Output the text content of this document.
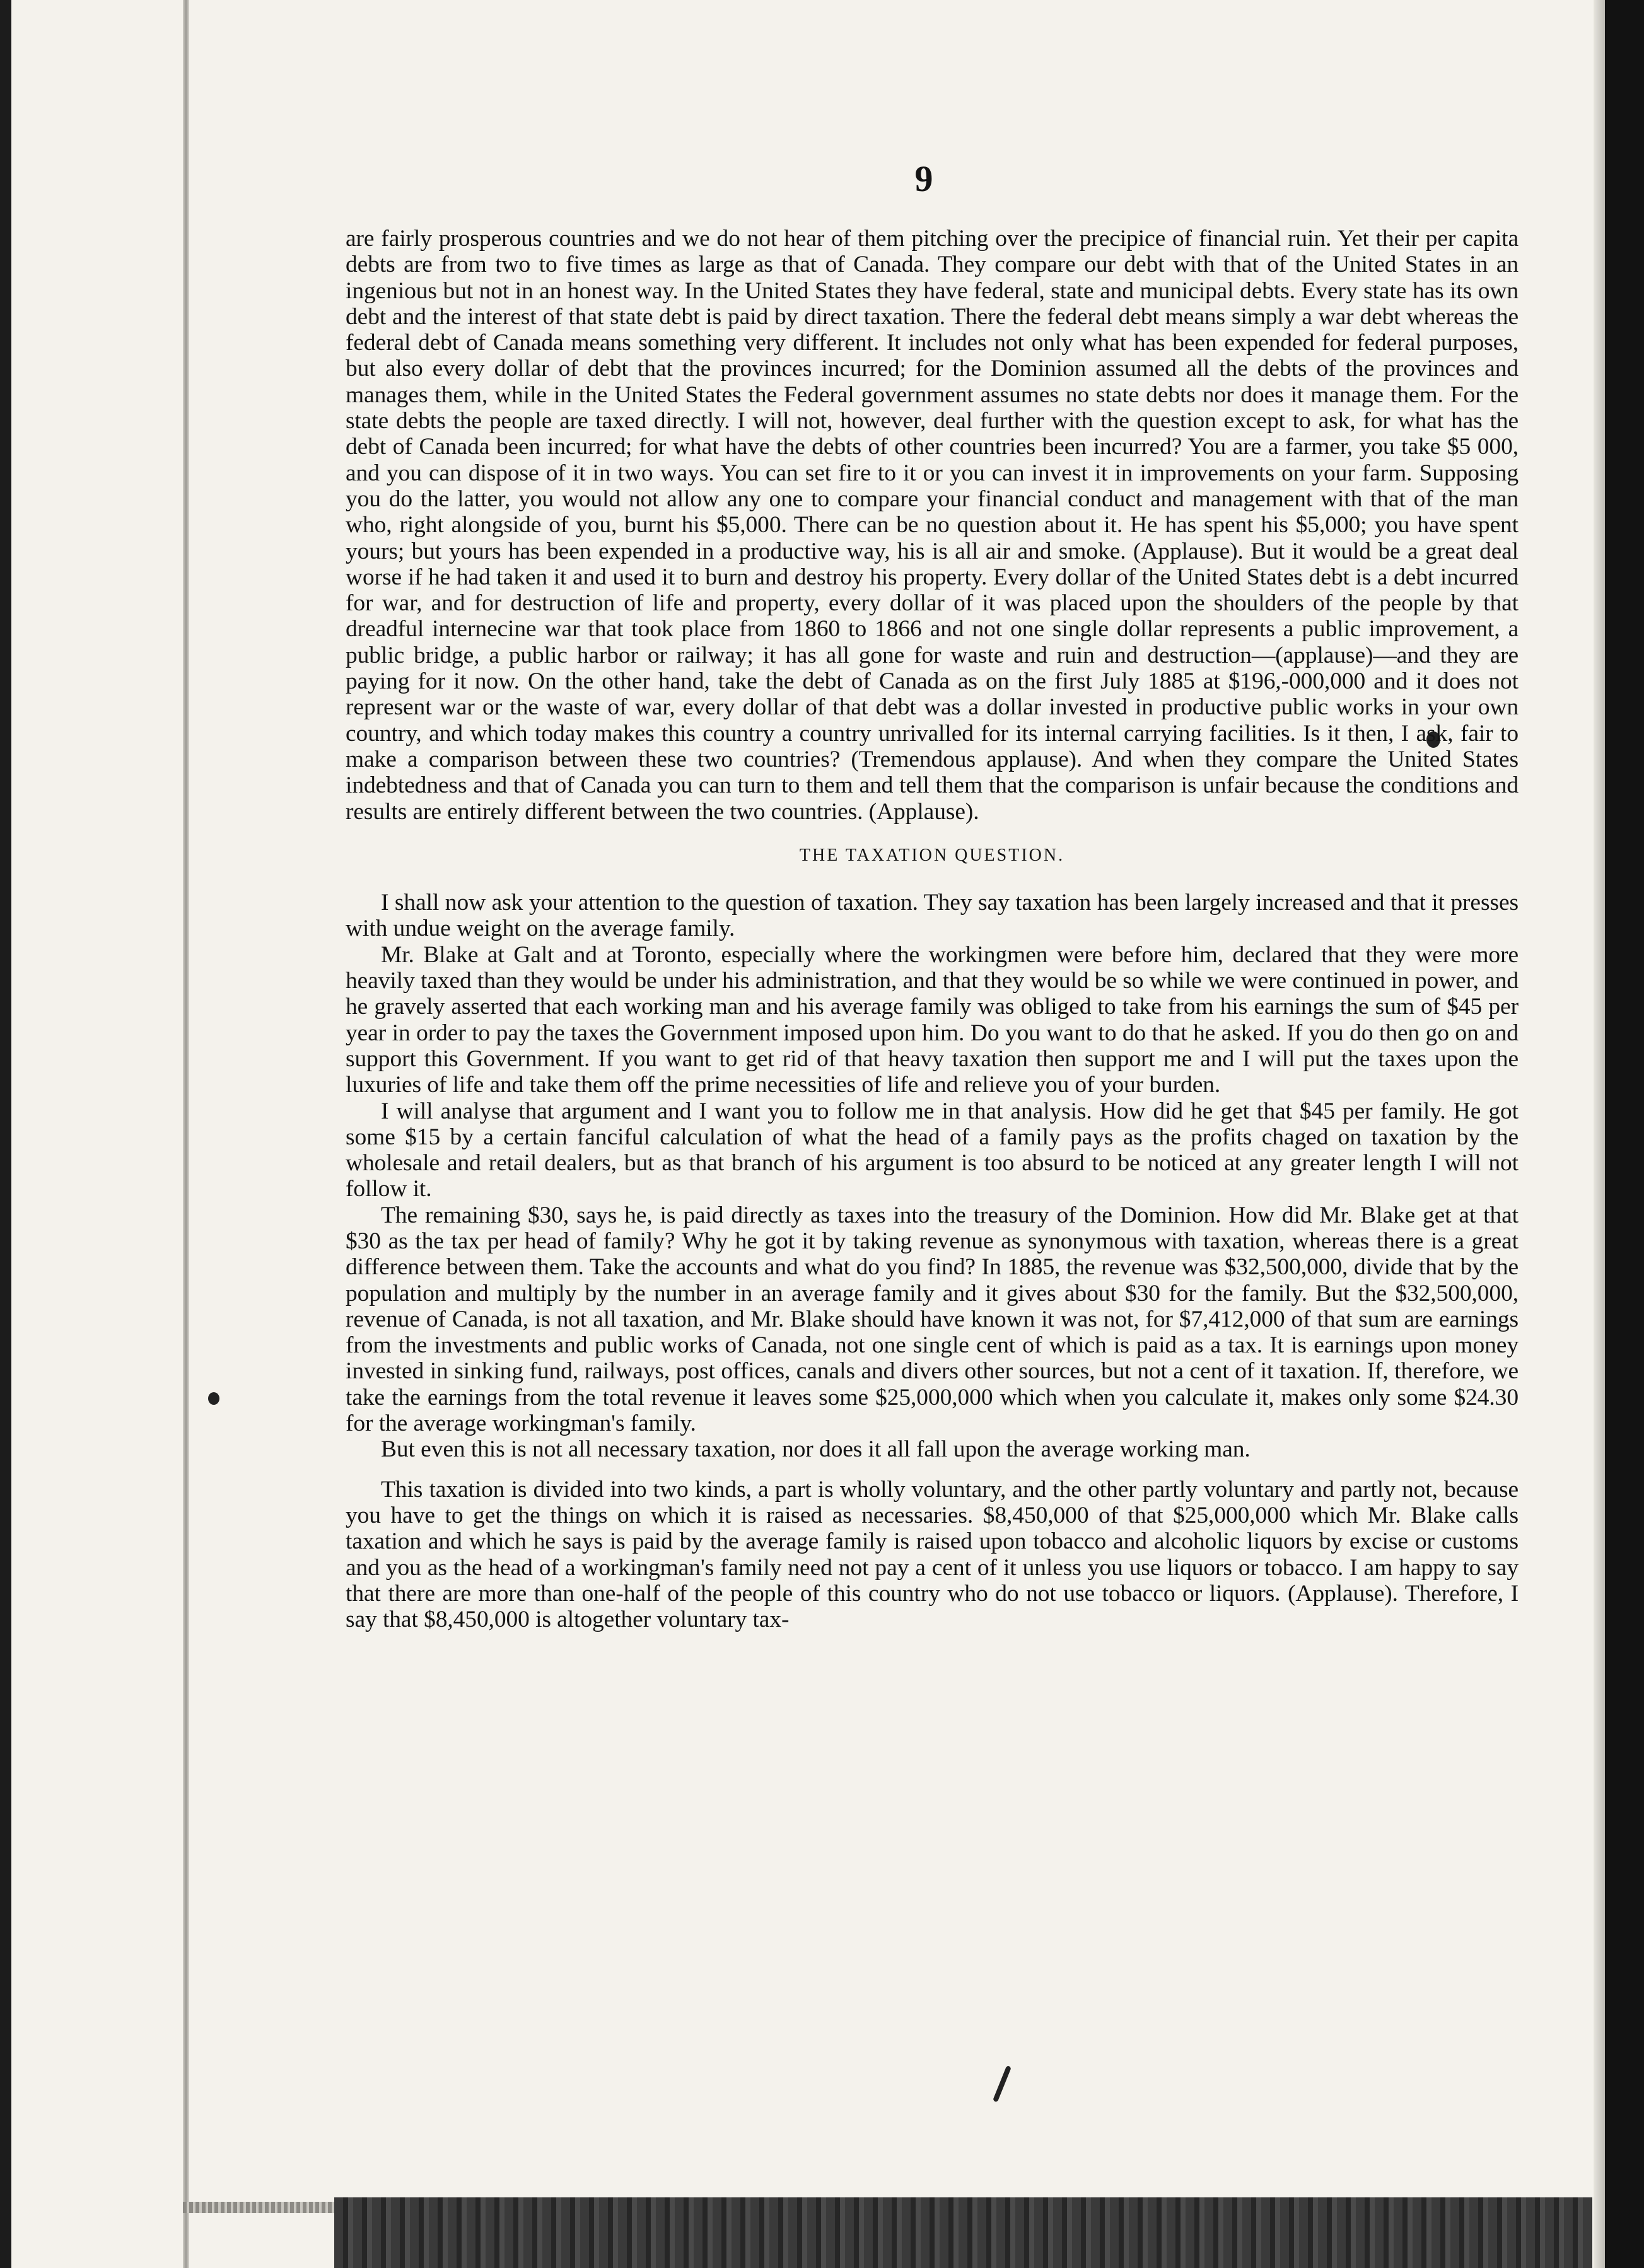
9

are fairly prosperous countries and we do not hear of them pitching over the precipice of financial ruin. Yet their per capita debts are from two to five times as large as that of Canada. They compare our debt with that of the United States in an ingenious but not in an honest way. In the United States they have federal, state and municipal debts. Every state has its own debt and the interest of that state debt is paid by direct taxation. There the federal debt means simply a war debt whereas the federal debt of Canada means something very different. It includes not only what has been expended for federal purposes, but also every dollar of debt that the provinces incurred; for the Dominion assumed all the debts of the provinces and manages them, while in the United States the Federal government assumes no state debts nor does it manage them. For the state debts the people are taxed directly. I will not, however, deal further with the question except to ask, for what has the debt of Canada been incurred; for what have the debts of other countries been incurred? You are a farmer, you take $5 000, and you can dispose of it in two ways. You can set fire to it or you can invest it in improvements on your farm. Supposing you do the latter, you would not allow any one to compare your financial conduct and management with that of the man who, right alongside of you, burnt his $5,000. There can be no question about it. He has spent his $5,000; you have spent yours; but yours has been expended in a productive way, his is all air and smoke. (Applause). But it would be a great deal worse if he had taken it and used it to burn and destroy his property. Every dollar of the United States debt is a debt incurred for war, and for destruction of life and property, every dollar of it was placed upon the shoulders of the people by that dreadful internecine war that took place from 1860 to 1866 and not one single dollar represents a public improvement, a public bridge, a public harbor or railway; it has all gone for waste and ruin and destruction—(applause)—and they are paying for it now. On the other hand, take the debt of Canada as on the first July 1885 at $196,-000,000 and it does not represent war or the waste of war, every dollar of that debt was a dollar invested in productive public works in your own country, and which today makes this country a country unrivalled for its internal carrying facilities. Is it then, I ask, fair to make a comparison between these two countries? (Tremendous applause). And when they compare the United States indebtedness and that of Canada you can turn to them and tell them that the comparison is unfair because the conditions and results are entirely different between the two countries. (Applause).

THE TAXATION QUESTION.

I shall now ask your attention to the question of taxation. They say taxation has been largely increased and that it presses with undue weight on the average family.

Mr. Blake at Galt and at Toronto, especially where the workingmen were before him, declared that they were more heavily taxed than they would be under his administration, and that they would be so while we were continued in power, and he gravely asserted that each working man and his average family was obliged to take from his earnings the sum of $45 per year in order to pay the taxes the Government imposed upon him. Do you want to do that he asked. If you do then go on and support this Government. If you want to get rid of that heavy taxation then support me and I will put the taxes upon the luxuries of life and take them off the prime necessities of life and relieve you of your burden.

I will analyse that argument and I want you to follow me in that analysis. How did he get that $45 per family. He got some $15 by a certain fanciful calculation of what the head of a family pays as the profits chaged on taxation by the wholesale and retail dealers, but as that branch of his argument is too absurd to be noticed at any greater length I will not follow it.

The remaining $30, says he, is paid directly as taxes into the treasury of the Dominion. How did Mr. Blake get at that $30 as the tax per head of family? Why he got it by taking revenue as synonymous with taxation, whereas there is a great difference between them. Take the accounts and what do you find? In 1885, the revenue was $32,500,000, divide that by the population and multiply by the number in an average family and it gives about $30 for the family. But the $32,500,000, revenue of Canada, is not all taxation, and Mr. Blake should have known it was not, for $7,412,000 of that sum are earnings from the investments and public works of Canada, not one single cent of which is paid as a tax. It is earnings upon money invested in sinking fund, railways, post offices, canals and divers other sources, but not a cent of it taxation. If, therefore, we take the earnings from the total revenue it leaves some $25,000,000 which when you calculate it, makes only some $24.30 for the average workingman's family.

But even this is not all necessary taxation, nor does it all fall upon the average working man.

This taxation is divided into two kinds, a part is wholly voluntary, and the other partly voluntary and partly not, because you have to get the things on which it is raised as necessaries. $8,450,000 of that $25,000,000 which Mr. Blake calls taxation and which he says is paid by the average family is raised upon tobacco and alcoholic liquors by excise or customs and you as the head of a workingman's family need not pay a cent of it unless you use liquors or tobacco. I am happy to say that there are more than one-half of the people of this country who do not use tobacco or liquors. (Applause). Therefore, I say that $8,450,000 is altogether voluntary tax-
